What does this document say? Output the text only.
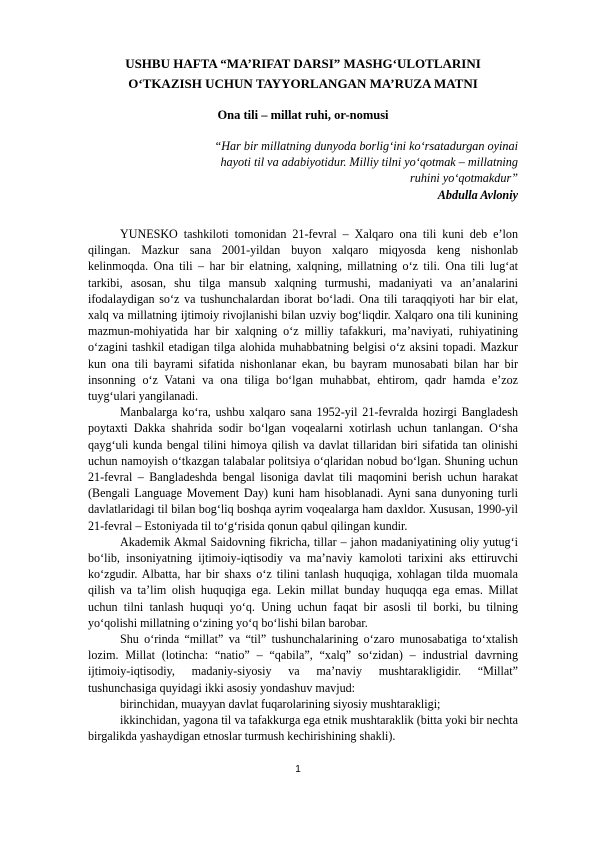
USHBU HAFTA “MA’RIFAT DARSI” MASHG‘ULOTLARINI
O‘TKAZISH UCHUN TAYYORLANGAN MA’RUZA MATNI
Ona tili – millat ruhi, or-nomusi
“Har bir millatning dunyoda borlig‘ini ko‘rsatadurgan oyinai
hayoti til va adabiyotidur. Milliy tilni yo‘qotmak – millatning
ruhini yo‘qotmakdur”
Abdulla Avloniy

YUNESKO tashkiloti tomonidan 21-fevral – Xalqaro ona tili kuni deb e’lon qilingan. Mazkur sana 2001-yildan buyon xalqaro miqyosda keng nishonlab kelinmoqda. Ona tili – har bir elatning, xalqning, millatning o‘z tili. Ona tili lug‘at tarkibi, asosan, shu tilga mansub xalqning turmushi, madaniyati va an’analarini ifodalaydigan so‘z va tushunchalardan iborat bo‘ladi. Ona tili taraqqiyoti har bir elat, xalq va millatning ijtimoiy rivojlanishi bilan uzviy bog‘liqdir. Xalqaro ona tili kunining mazmun-mohiyatida har bir xalqning o‘z milliy tafakkuri, ma’naviyati, ruhiyatining o‘zagini tashkil etadigan tilga alohida muhabbatning belgisi o‘z aksini topadi. Mazkur kun ona tili bayrami sifatida nishonlanar ekan, bu bayram munosabati bilan har bir insonning o‘z Vatani va ona tiliga bo‘lgan muhabbat, ehtirom, qadr hamda e’zoz tuyg‘ulari yangilanadi.

Manbalarga ko‘ra, ushbu xalqaro sana 1952-yil 21-fevralda hozirgi Bangladesh poytaxti Dakka shahrida sodir bo‘lgan voqealarni xotirlash uchun tanlangan. O‘sha qayg‘uli kunda bengal tilini himoya qilish va davlat tillaridan biri sifatida tan olinishi uchun namoyish o‘tkazgan talabalar politsiya o‘qlaridan nobud bo‘lgan. Shuning uchun 21-fevral – Bangladeshda bengal lisoniga davlat tili maqomini berish uchun harakat (Bengali Language Movement Day) kuni ham hisoblanadi. Ayni sana dunyoning turli davlatlaridagi til bilan bog‘liq boshqa ayrim voqealarga ham daxldor. Xususan, 1990-yil 21-fevral – Estoniyada til to‘g‘risida qonun qabul qilingan kundir.

Akademik Akmal Saidovning fikricha, tillar – jahon madaniyatining oliy yutug‘i bo‘lib, insoniyatning ijtimoiy-iqtisodiy va ma’naviy kamoloti tarixini aks ettiruvchi ko‘zgudir. Albatta, har bir shaxs o‘z tilini tanlash huquqiga, xohlagan tilda muomala qilish va ta’lim olish huquqiga ega. Lekin millat bunday huquqqa ega emas. Millat uchun tilni tanlash huquqi yo‘q. Uning uchun faqat bir asosli til borki, bu tilning yo‘qolishi millatning o‘zining yo‘q bo‘lishi bilan barobar.

Shu o‘rinda “millat” va “til” tushunchalarining o‘zaro munosabatiga to‘xtalish lozim. Millat (lotincha: “natio” – “qabila”, “xalq” so‘zidan) – industrial davrning ijtimoiy-iqtisodiy, madaniy-siyosiy va ma’naviy mushtarakligidir. “Millat” tushunchasiga quyidagi ikki asosiy yondashuv mavjud:

birinchidan, muayyan davlat fuqarolarining siyosiy mushtarakligi;

ikkinchidan, yagona til va tafakkurga ega etnik mushtaraklik (bitta yoki bir nechta birgalikda yashaydigan etnoslar turmush kechirishining shakli).

1
